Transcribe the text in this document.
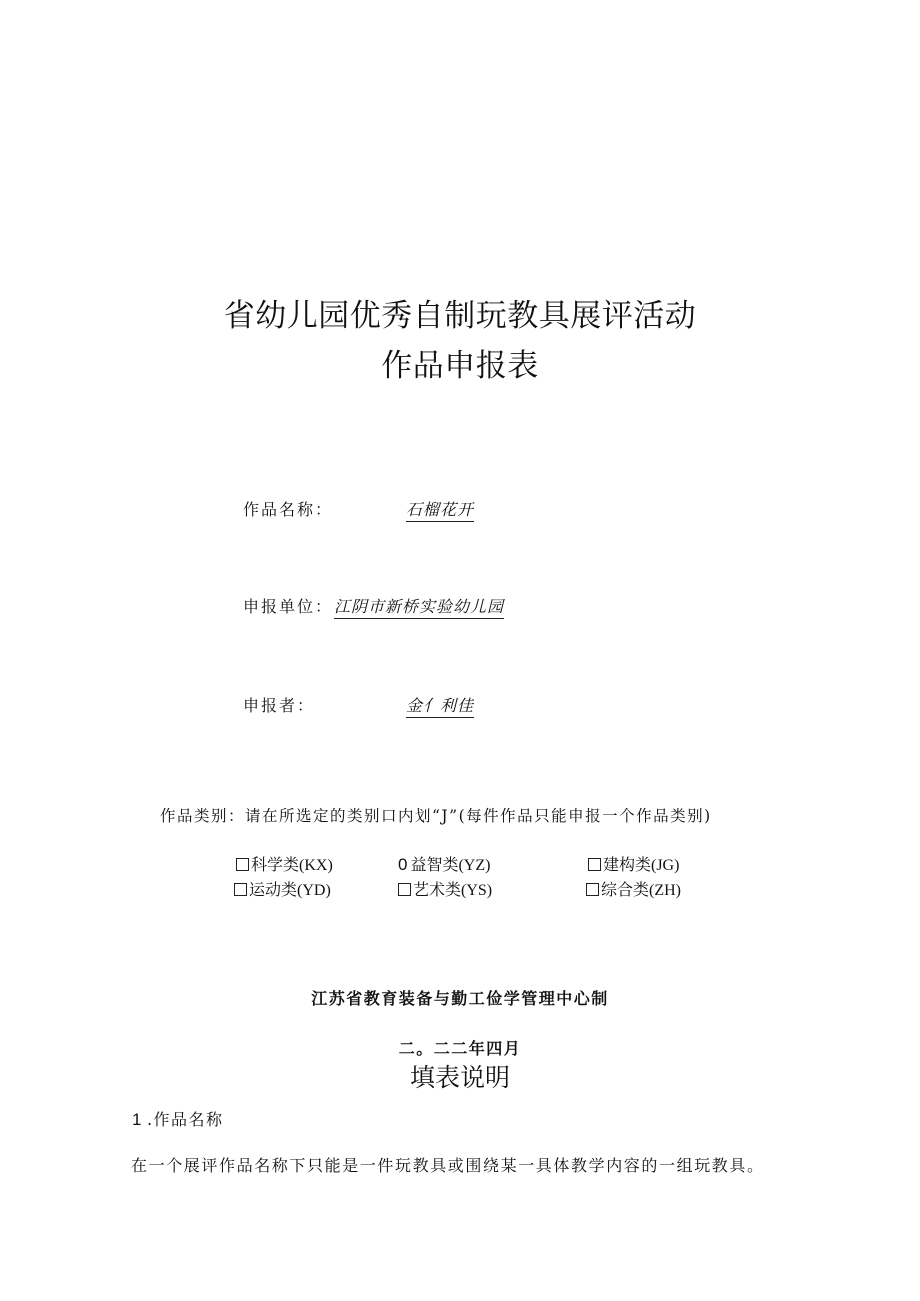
省幼儿园优秀自制玩教具展评活动
作品申报表
作品名称：	石榴花开
申报单位： 江阴市新桥实验幼儿园
申报者：	金亻利佳
作品类别：请在所选定的类别口内划“J”(每件作品只能申报一个作品类别)
科学类(KX)	0 益智类(YZ)	建构类(JG)
运动类(YD)	艺术类(YS)	综合类(ZH)
江苏省教育装备与勤工俭学管理中心制
二。二二年四月
填表说明
1 .作品名称
在一个展评作品名称下只能是一件玩教具或围绕某一具体教学内容的一组玩教具。
